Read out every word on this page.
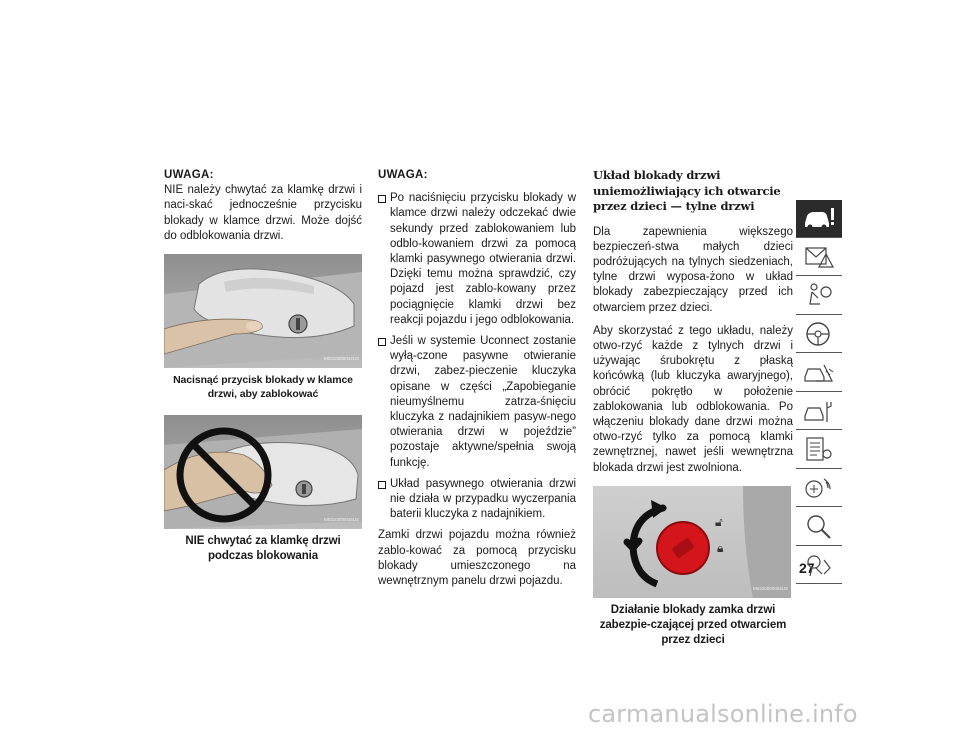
UWAGA:

NIE należy chwytać za klamkę drzwi i naci-skać jednocześnie przycisku blokady w klamce drzwi. Może dojść do odblokowania drzwi.

M0310000044US
Nacisnąć przycisk blokady w klamce drzwi, aby zablokować
M0310000045US
NIE chwytać za klamkę drzwi podczas blokowania
UWAGA:
Po naciśnięciu przycisku blokady w klamce drzwi należy odczekać dwie sekundy przed zablokowaniem lub odblo-kowaniem drzwi za pomocą klamki pasywnego otwierania drzwi. Dzięki temu można sprawdzić, czy pojazd jest zablo-kowany przez pociągnięcie klamki drzwi bez reakcji pojazdu i jego odblokowania.
Jeśli w systemie Uconnect zostanie wyłą-czone pasywne otwieranie drzwi, zabez-pieczenie kluczyka opisane w części „Zapobieganie nieumyślnemu zatrza-śnięciu kluczyka z nadajnikiem pasyw-nego otwierania drzwi w pojeździe” pozostaje aktywne/spełnia swoją funkcję.
Układ pasywnego otwierania drzwi nie działa w przypadku wyczerpania baterii kluczyka z nadajnikiem.

Zamki drzwi pojazdu można również zablo-kować za pomocą przycisku blokady umieszczonego na wewnętrznym panelu drzwi pojazdu.

Układ blokady drzwi uniemożliwiający ich otwarcie przez dzieci — tylne drzwi

Dla zapewnienia większego bezpieczeń-stwa małych dzieci podróżujących na tylnych siedzeniach, tylne drzwi wyposa-żono w układ blokady zabezpieczający przed ich otwarciem przez dzieci.

Aby skorzystać z tego układu, należy otwo-rzyć każde z tylnych drzwi i używając śrubokrętu z płaską końcówką (lub kluczyka awaryjnego), obrócić pokrętło w położenie zablokowania lub odblokowania. Po włączeniu blokady dane drzwi można otwo-rzyć tylko za pomocą klamki zewnętrznej, nawet jeśli wewnętrzna blokada drzwi jest zwolniona.

🔓︎
🔒︎
M0310000084US
Działanie blokady zamka drzwi zabezpie-czającej przed otwarciem przez dzieci
27
carmanualsonline.info
